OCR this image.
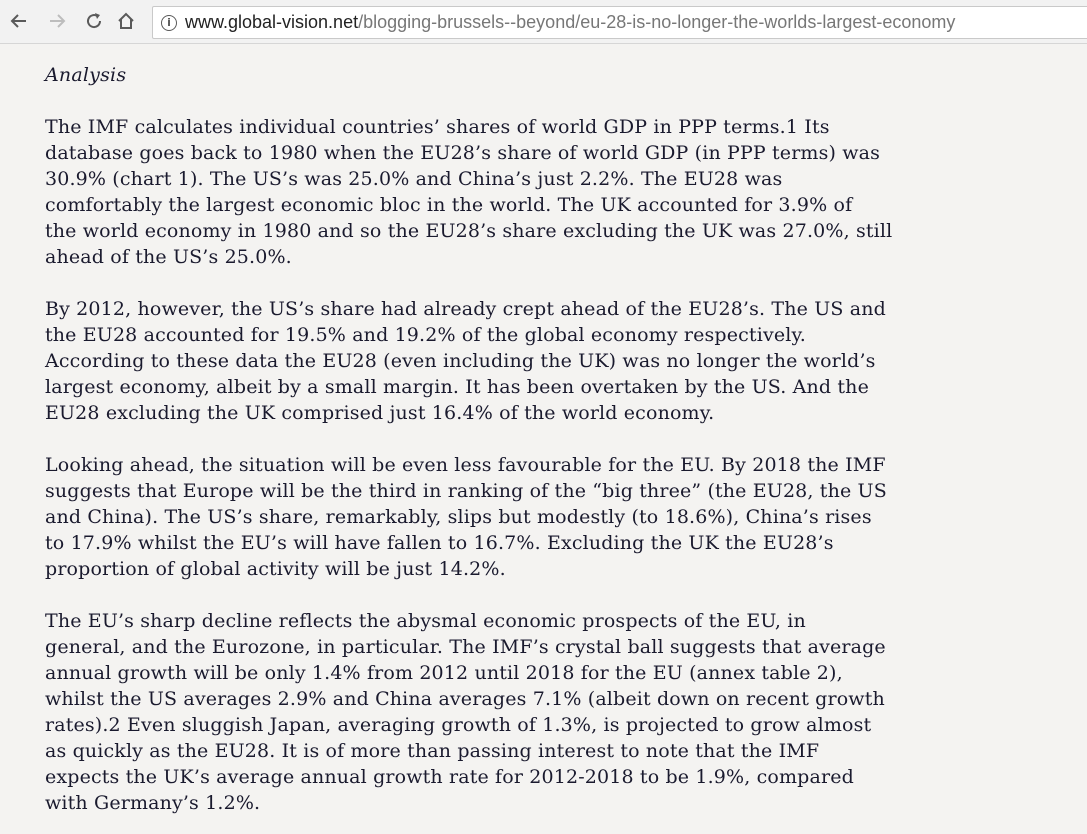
i www.global-vision.net /blogging-brussels--beyond/eu-28-is-no-longer-the-worlds-largest-economy
Analysis

The IMF calculates individual countries’ shares of world GDP in PPP terms.1 Its
database goes back to 1980 when the EU28’s share of world GDP (in PPP terms) was
30.9% (chart 1). The US’s was 25.0% and China’s just 2.2%. The EU28 was
comfortably the largest economic bloc in the world. The UK accounted for 3.9% of
the world economy in 1980 and so the EU28’s share excluding the UK was 27.0%, still
ahead of the US’s 25.0%.

By 2012, however, the US’s share had already crept ahead of the EU28’s. The US and
the EU28 accounted for 19.5% and 19.2% of the global economy respectively.
According to these data the EU28 (even including the UK) was no longer the world’s
largest economy, albeit by a small margin. It has been overtaken by the US. And the
EU28 excluding the UK comprised just 16.4% of the world economy.

Looking ahead, the situation will be even less favourable for the EU. By 2018 the IMF
suggests that Europe will be the third in ranking of the “big three” (the EU28, the US
and China). The US’s share, remarkably, slips but modestly (to 18.6%), China’s rises
to 17.9% whilst the EU’s will have fallen to 16.7%. Excluding the UK the EU28’s
proportion of global activity will be just 14.2%.

The EU’s sharp decline reflects the abysmal economic prospects of the EU, in
general, and the Eurozone, in particular. The IMF’s crystal ball suggests that average
annual growth will be only 1.4% from 2012 until 2018 for the EU (annex table 2),
whilst the US averages 2.9% and China averages 7.1% (albeit down on recent growth
rates).2 Even sluggish Japan, averaging growth of 1.3%, is projected to grow almost
as quickly as the EU28. It is of more than passing interest to note that the IMF
expects the UK’s average annual growth rate for 2012-2018 to be 1.9%, compared
with Germany’s 1.2%.
